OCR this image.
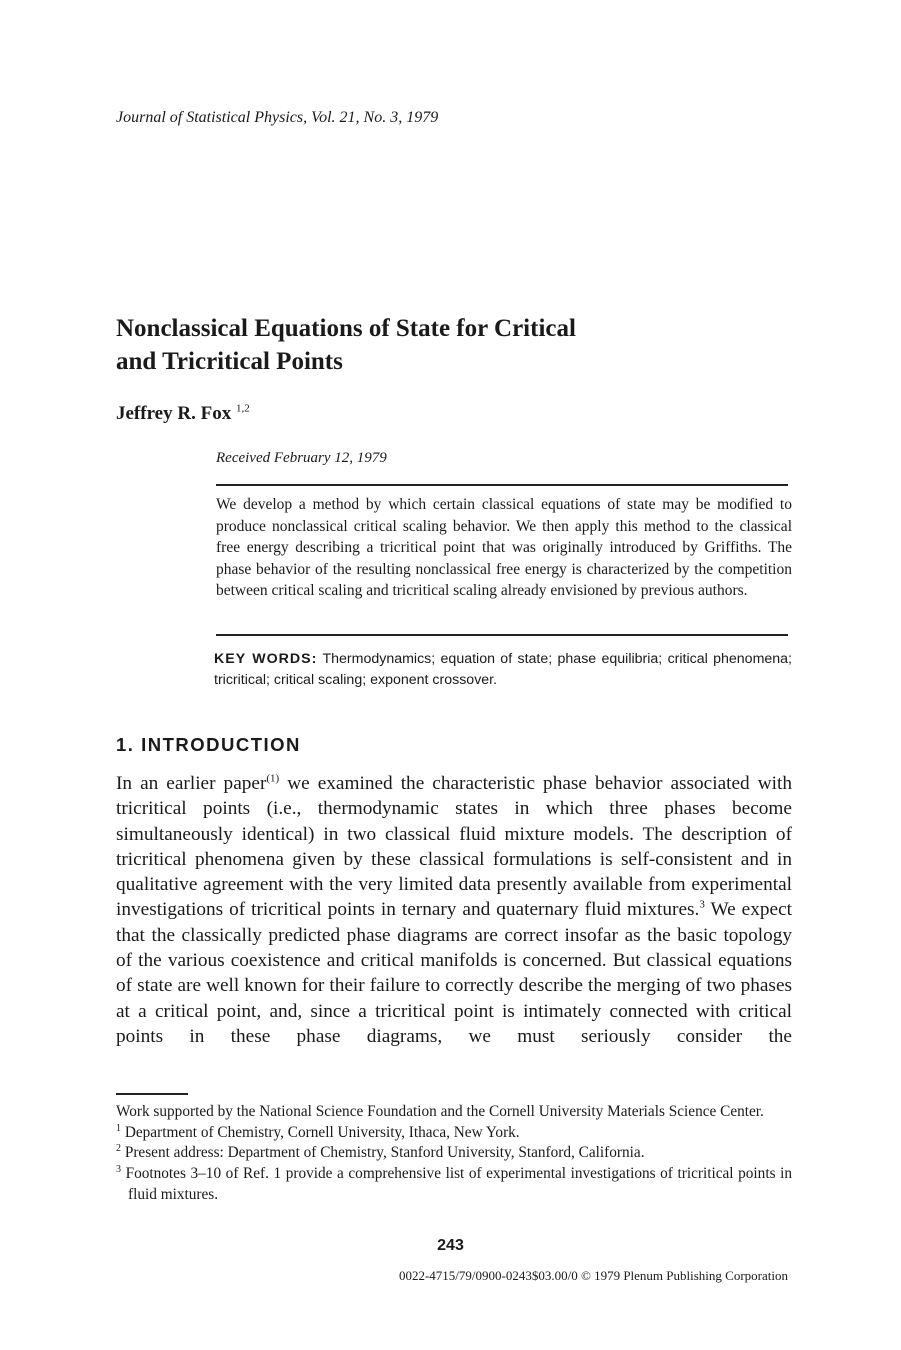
Journal of Statistical Physics, Vol. 21, No. 3, 1979
Nonclassical Equations of State for Critical
and Tricritical Points
Jeffrey R. Fox $^{1,2}$
Received February 12, 1979
We develop a method by which certain classical equations of state may be modified to produce nonclassical critical scaling behavior. We then apply this method to the classical free energy describing a tricritical point that was originally introduced by Griffiths. The phase behavior of the resulting nonclassical free energy is characterized by the competition between critical scaling and tricritical scaling already envisioned by previous authors.
KEY WORDS: Thermodynamics; equation of state; phase equilibria; critical phenomena; tricritical; critical scaling; exponent crossover.
1. INTRODUCTION
In an earlier paper$^{(1)}$ we examined the characteristic phase behavior associated with tricritical points (i.e., thermodynamic states in which three phases become simultaneously identical) in two classical fluid mixture models. The description of tricritical phenomena given by these classical formulations is self-consistent and in qualitative agreement with the very limited data presently available from experimental investigations of tricritical points in ternary and quaternary fluid mixtures.$^3$ We expect that the classically predicted phase diagrams are correct insofar as the basic topology of the various coexistence and critical manifolds is concerned. But classical equations of state are well known for their failure to correctly describe the merging of two phases at a critical point, and, since a tricritical point is intimately connected with critical points in these phase diagrams, we must seriously consider the
Work supported by the National Science Foundation and the Cornell University Materials Science Center.
$^1$ Department of Chemistry, Cornell University, Ithaca, New York.
$^2$ Present address: Department of Chemistry, Stanford University, Stanford, California.
$^3$ Footnotes 3–10 of Ref. 1 provide a comprehensive list of experimental investigations of tricritical points in fluid mixtures.
243
0022-4715/79/0900-0243$03.00/0 © 1979 Plenum Publishing Corporation
